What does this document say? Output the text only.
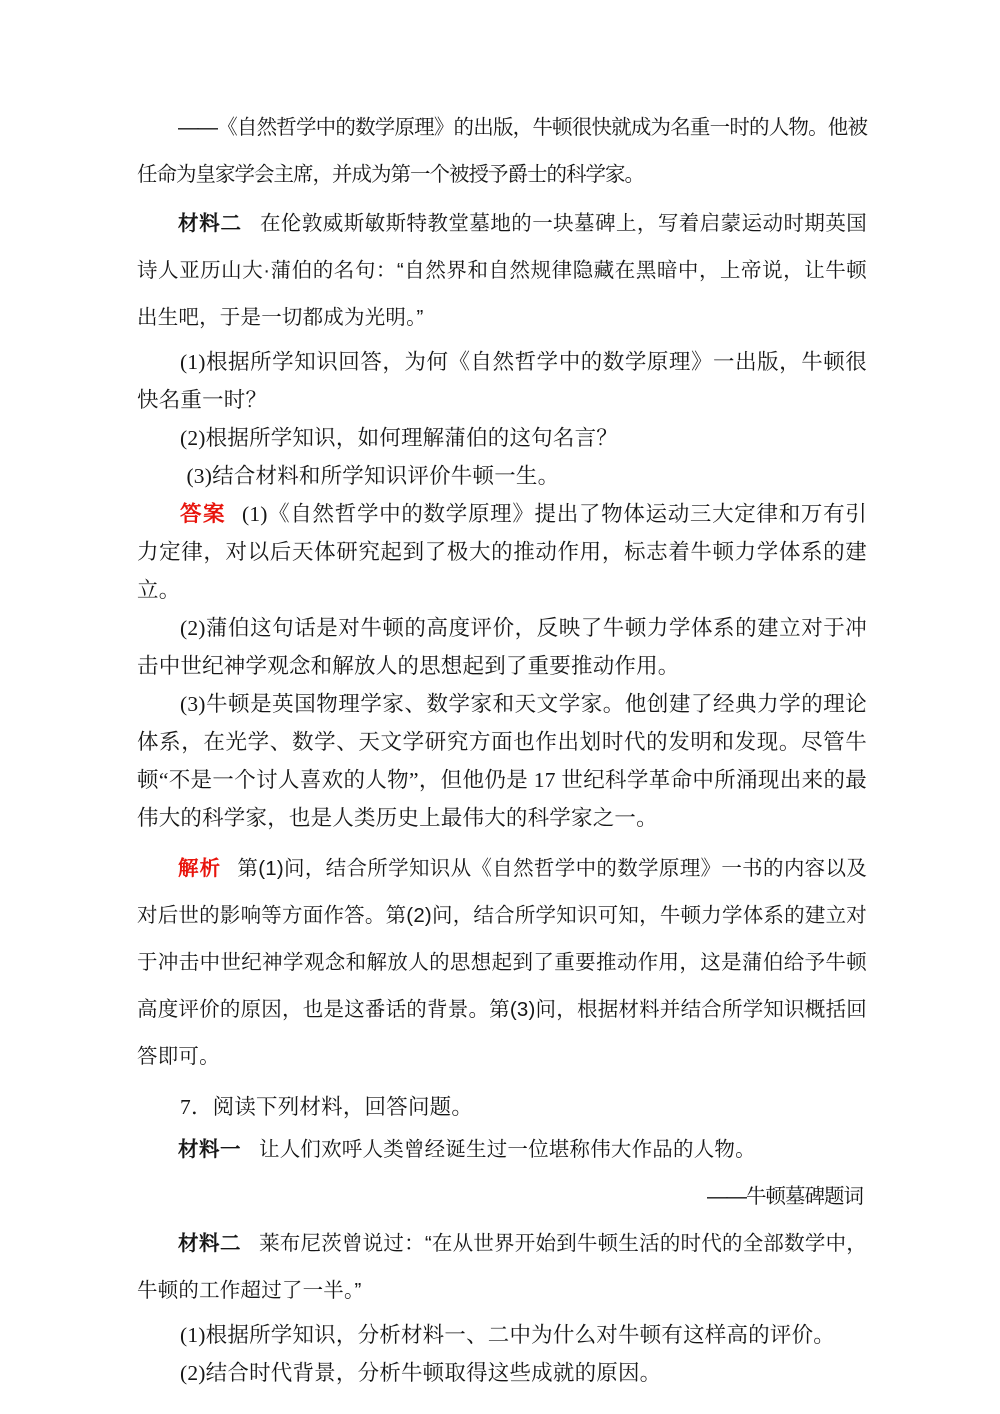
——《自然哲学中的数学原理》的出版，牛顿很快就成为名重一时的人物。他被任命为皇家学会主席，并成为第一个被授予爵士的科学家。

材料二 在伦敦威斯敏斯特教堂墓地的一块墓碑上，写着启蒙运动时期英国诗人亚历山大·蒲伯的名句：“自然界和自然规律隐藏在黑暗中，上帝说，让牛顿出生吧，于是一切都成为光明。”

(1)根据所学知识回答，为何《自然哲学中的数学原理》一出版，牛顿很快名重一时？

(2)根据所学知识，如何理解蒲伯的这句名言？

(3)结合材料和所学知识评价牛顿一生。

答案 (1)《自然哲学中的数学原理》提出了物体运动三大定律和万有引力定律，对以后天体研究起到了极大的推动作用，标志着牛顿力学体系的建立。

(2)蒲伯这句话是对牛顿的高度评价，反映了牛顿力学体系的建立对于冲击中世纪神学观念和解放人的思想起到了重要推动作用。

(3)牛顿是英国物理学家、数学家和天文学家。他创建了经典力学的理论体系，在光学、数学、天文学研究方面也作出划时代的发明和发现。尽管牛顿“不是一个讨人喜欢的人物”，但他仍是 17 世纪科学革命中所涌现出来的最伟大的科学家，也是人类历史上最伟大的科学家之一。

解析 第(1)问，结合所学知识从《自然哲学中的数学原理》一书的内容以及对后世的影响等方面作答。第(2)问，结合所学知识可知，牛顿力学体系的建立对于冲击中世纪神学观念和解放人的思想起到了重要推动作用，这是蒲伯给予牛顿高度评价的原因，也是这番话的背景。第(3)问，根据材料并结合所学知识概括回答即可。

7．阅读下列材料，回答问题。

材料一 让人们欢呼人类曾经诞生过一位堪称伟大作品的人物。

——牛顿墓碑题词

材料二 莱布尼茨曾说过：“在从世界开始到牛顿生活的时代的全部数学中，牛顿的工作超过了一半。”

(1)根据所学知识，分析材料一、二中为什么对牛顿有这样高的评价。

(2)结合时代背景，分析牛顿取得这些成就的原因。
